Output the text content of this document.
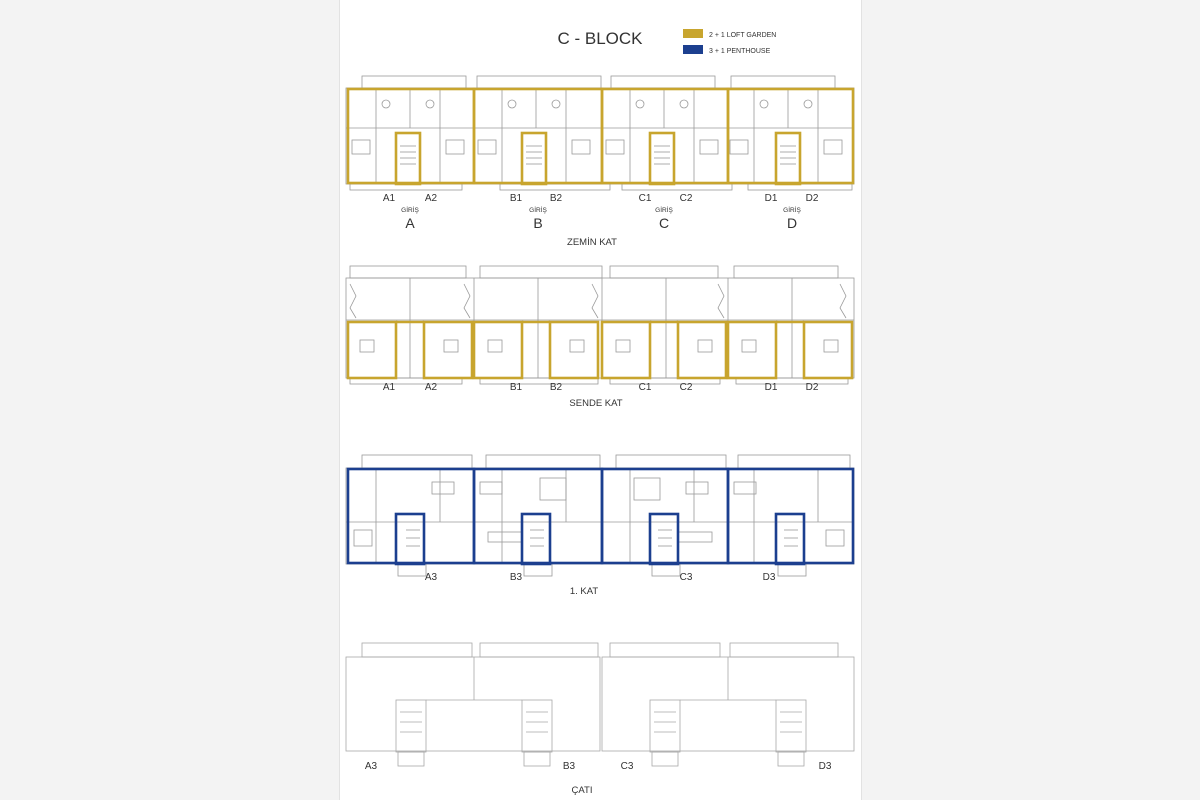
C - BLOCK	2 + 1 LOFT GARDEN
3 + 1 PENTHOUSE
A1	A2	B1	B2	C1	C2	D1	D2
GİRİŞ
A
GİRİŞ
B
GİRİŞ
C
GİRİŞ
D
ZEMİN KAT
A1	A2	B1	B2	C1	C2	D1	D2
SENDE KAT
A3	B3	C3	D3
1. KAT
A3	B3	C3	D3
ÇATI
